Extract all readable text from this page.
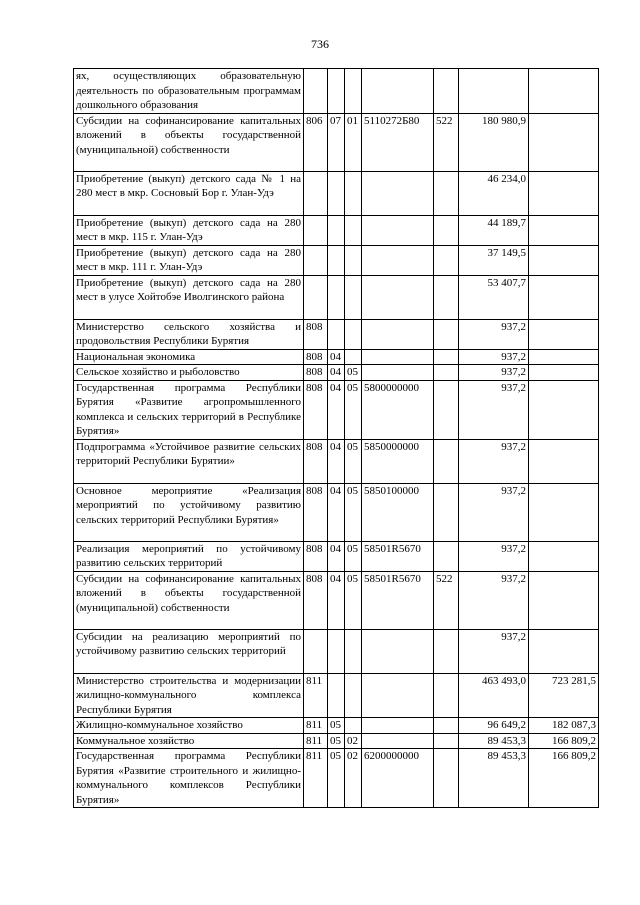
736
ях, осуществляющих образовательную деятельность по образовательным программам дошкольного образования							
Субсидии на софинансирование капитальных вложений в объекты государственной (муниципальной) собственности	806	07	01	5110272Б80	522	180 980,9	
Приобретение (выкуп) детского сада № 1 на 280 мест в мкр. Сосновый Бор г. Улан-Удэ						46 234,0	
Приобретение (выкуп) детского сада на 280 мест в мкр. 115 г. Улан-Удэ						44 189,7	
Приобретение (выкуп) детского сада на 280 мест в мкр. 111 г. Улан-Удэ						37 149,5	
Приобретение (выкуп) детского сада на 280 мест в улусе Хойтобэе Иволгинского района						53 407,7	
Министерство сельского хозяйства и продовольствия Республики Бурятия	808					937,2	
Национальная экономика	808	04				937,2	
Сельское хозяйство и рыболовство	808	04	05			937,2	
Государственная программа Республики Бурятия «Развитие агропромышленного комплекса и сельских территорий в Республике Бурятия»	808	04	05	5800000000		937,2	
Подпрограмма «Устойчивое развитие сельских территорий Республики Бурятии»	808	04	05	5850000000		937,2	
Основное мероприятие «Реализация мероприятий по устойчивому развитию сельских территорий Республики Бурятия»	808	04	05	5850100000		937,2	
Реализация мероприятий по устойчивому развитию сельских территорий	808	04	05	58501R5670		937,2	
Субсидии на софинансирование капитальных вложений в объекты государственной (муниципальной) собственности	808	04	05	58501R5670	522	937,2	
Субсидии на реализацию мероприятий по устойчивому развитию сельских территорий						937,2	
Министерство строительства и модернизации жилищно-коммунального комплекса Республики Бурятия	811					463 493,0	723 281,5
Жилищно-коммунальное хозяйство	811	05				96 649,2	182 087,3
Коммунальное хозяйство	811	05	02			89 453,3	166 809,2
Государственная программа Республики Бурятия «Развитие строительного и жилищно-коммунального комплексов Республики Бурятия»	811	05	02	6200000000		89 453,3	166 809,2
